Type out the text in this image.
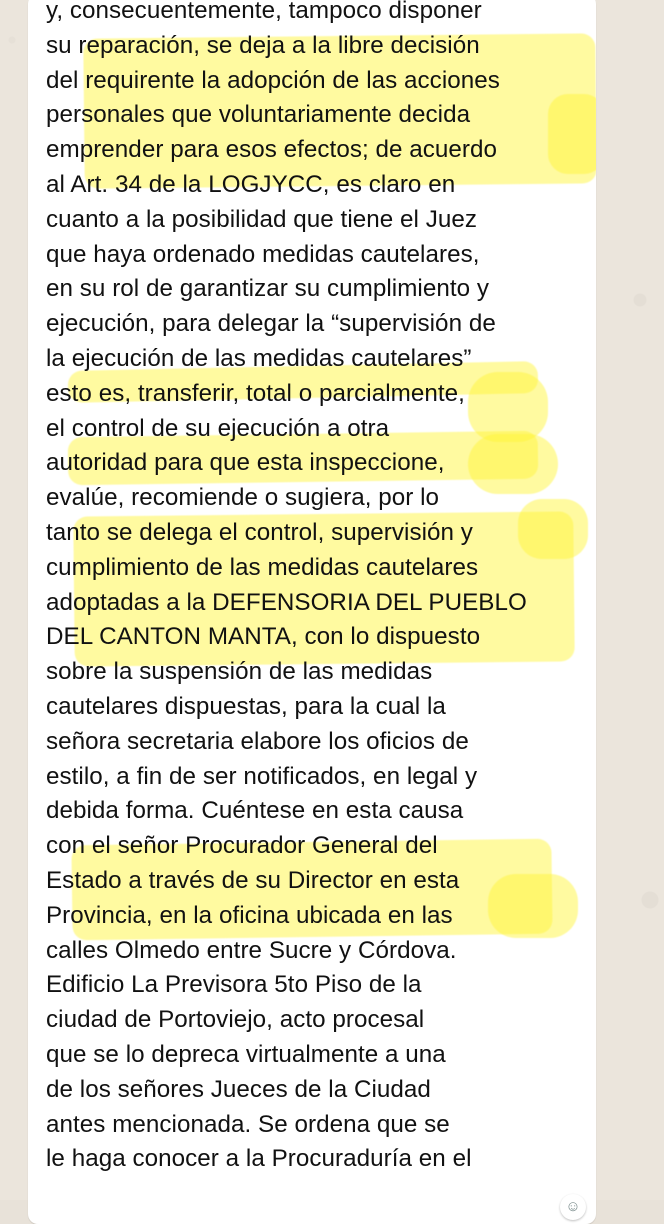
y, consecuentemente, tampoco disponer
su reparación, se deja a la libre decisión
del requirente la adopción de las acciones
personales que voluntariamente decida
emprender para esos efectos; de acuerdo
al Art. 34 de la LOGJYCC, es claro en
cuanto a la posibilidad que tiene el Juez
que haya ordenado medidas cautelares,
en su rol de garantizar su cumplimiento y
ejecución, para delegar la “supervisión de
la ejecución de las medidas cautelares”
esto es, transferir, total o parcialmente,
el control de su ejecución a otra
autoridad para que esta inspeccione,
evalúe, recomiende o sugiera, por lo
tanto se delega el control, supervisión y
cumplimiento de las medidas cautelares
adoptadas a la DEFENSORIA DEL PUEBLO
DEL CANTON MANTA, con lo dispuesto
sobre la suspensión de las medidas
cautelares dispuestas, para la cual la
señora secretaria elabore los oficios de
estilo, a fin de ser notificados, en legal y
debida forma. Cuéntese en esta causa
con el señor Procurador General del
Estado a través de su Director en esta
Provincia, en la oficina ubicada en las
calles Olmedo entre Sucre y Córdova.
Edificio La Previsora 5to Piso de la
ciudad de Portoviejo, acto procesal
que se lo depreca virtualmente a una
de los señores Jueces de la Ciudad
antes mencionada. Se ordena que se
le haga conocer a la Procuraduría en el
☺
